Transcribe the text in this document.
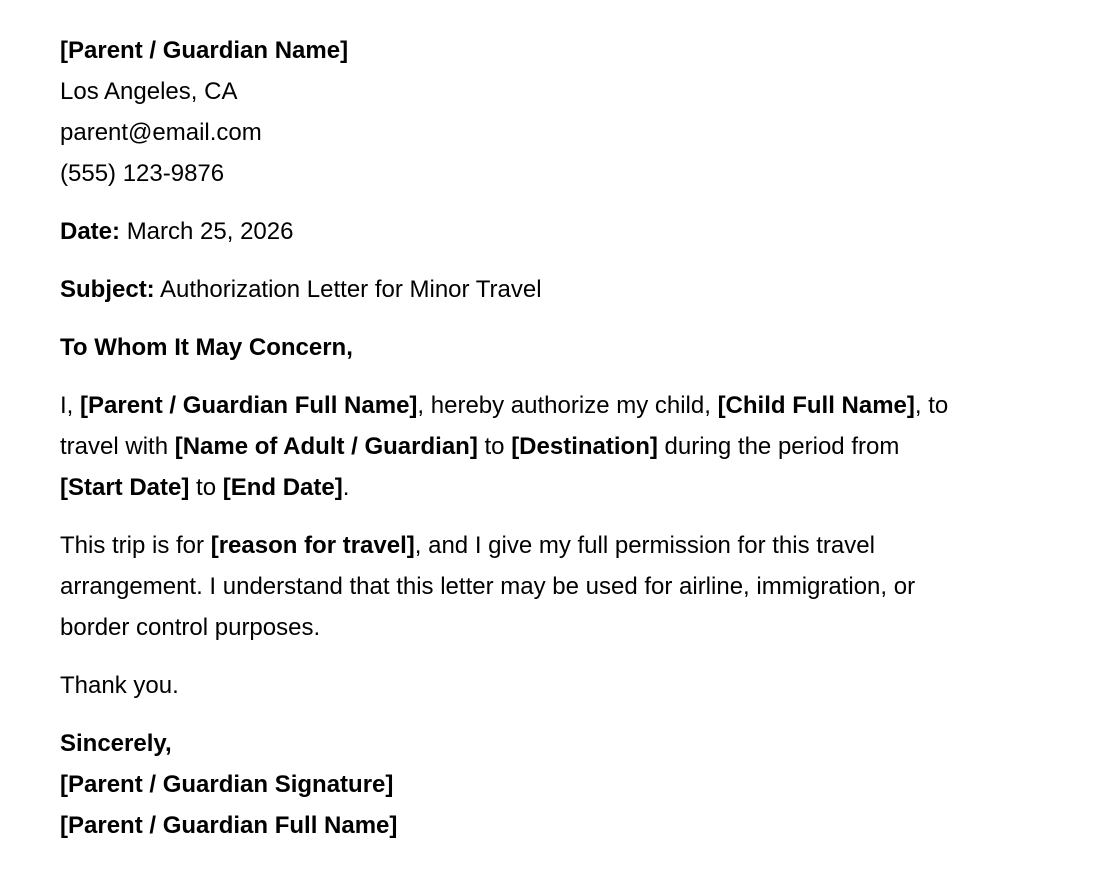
[Parent / Guardian Name]
Los Angeles, CA
parent@email.com
(555) 123-9876
Date: March 25, 2026
Subject: Authorization Letter for Minor Travel
To Whom It May Concern,
I, [Parent / Guardian Full Name], hereby authorize my child, [Child Full Name], to
travel with [Name of Adult / Guardian] to [Destination] during the period from
[Start Date] to [End Date].
This trip is for [reason for travel], and I give my full permission for this travel
arrangement. I understand that this letter may be used for airline, immigration, or
border control purposes.
Thank you.
Sincerely,
[Parent / Guardian Signature]
[Parent / Guardian Full Name]
